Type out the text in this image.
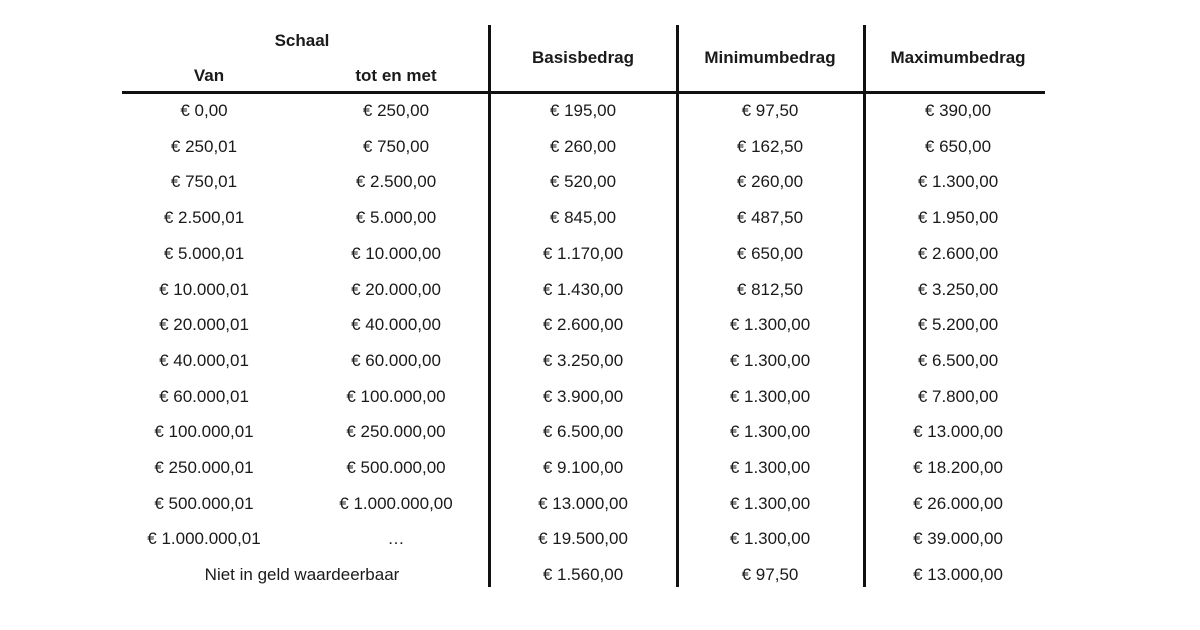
Schaal
Van	tot en met
Basisbedrag	Minimumbedrag	Maximumbedrag
€ 0,00	€ 250,00	€ 195,00	€ 97,50	€ 390,00
€ 250,01	€ 750,00	€ 260,00	€ 162,50	€ 650,00
€ 750,01	€ 2.500,00	€ 520,00	€ 260,00	€ 1.300,00
€ 2.500,01	€ 5.000,00	€ 845,00	€ 487,50	€ 1.950,00
€ 5.000,01	€ 10.000,00	€ 1.170,00	€ 650,00	€ 2.600,00
€ 10.000,01	€ 20.000,00	€ 1.430,00	€ 812,50	€ 3.250,00
€ 20.000,01	€ 40.000,00	€ 2.600,00	€ 1.300,00	€ 5.200,00
€ 40.000,01	€ 60.000,00	€ 3.250,00	€ 1.300,00	€ 6.500,00
€ 60.000,01	€ 100.000,00	€ 3.900,00	€ 1.300,00	€ 7.800,00
€ 100.000,01	€ 250.000,00	€ 6.500,00	€ 1.300,00	€ 13.000,00
€ 250.000,01	€ 500.000,00	€ 9.100,00	€ 1.300,00	€ 18.200,00
€ 500.000,01	€ 1.000.000,00	€ 13.000,00	€ 1.300,00	€ 26.000,00
€ 1.000.000,01	…	€ 19.500,00	€ 1.300,00	€ 39.000,00
Niet in geld waardeerbaar	€ 1.560,00	€ 97,50	€ 13.000,00
